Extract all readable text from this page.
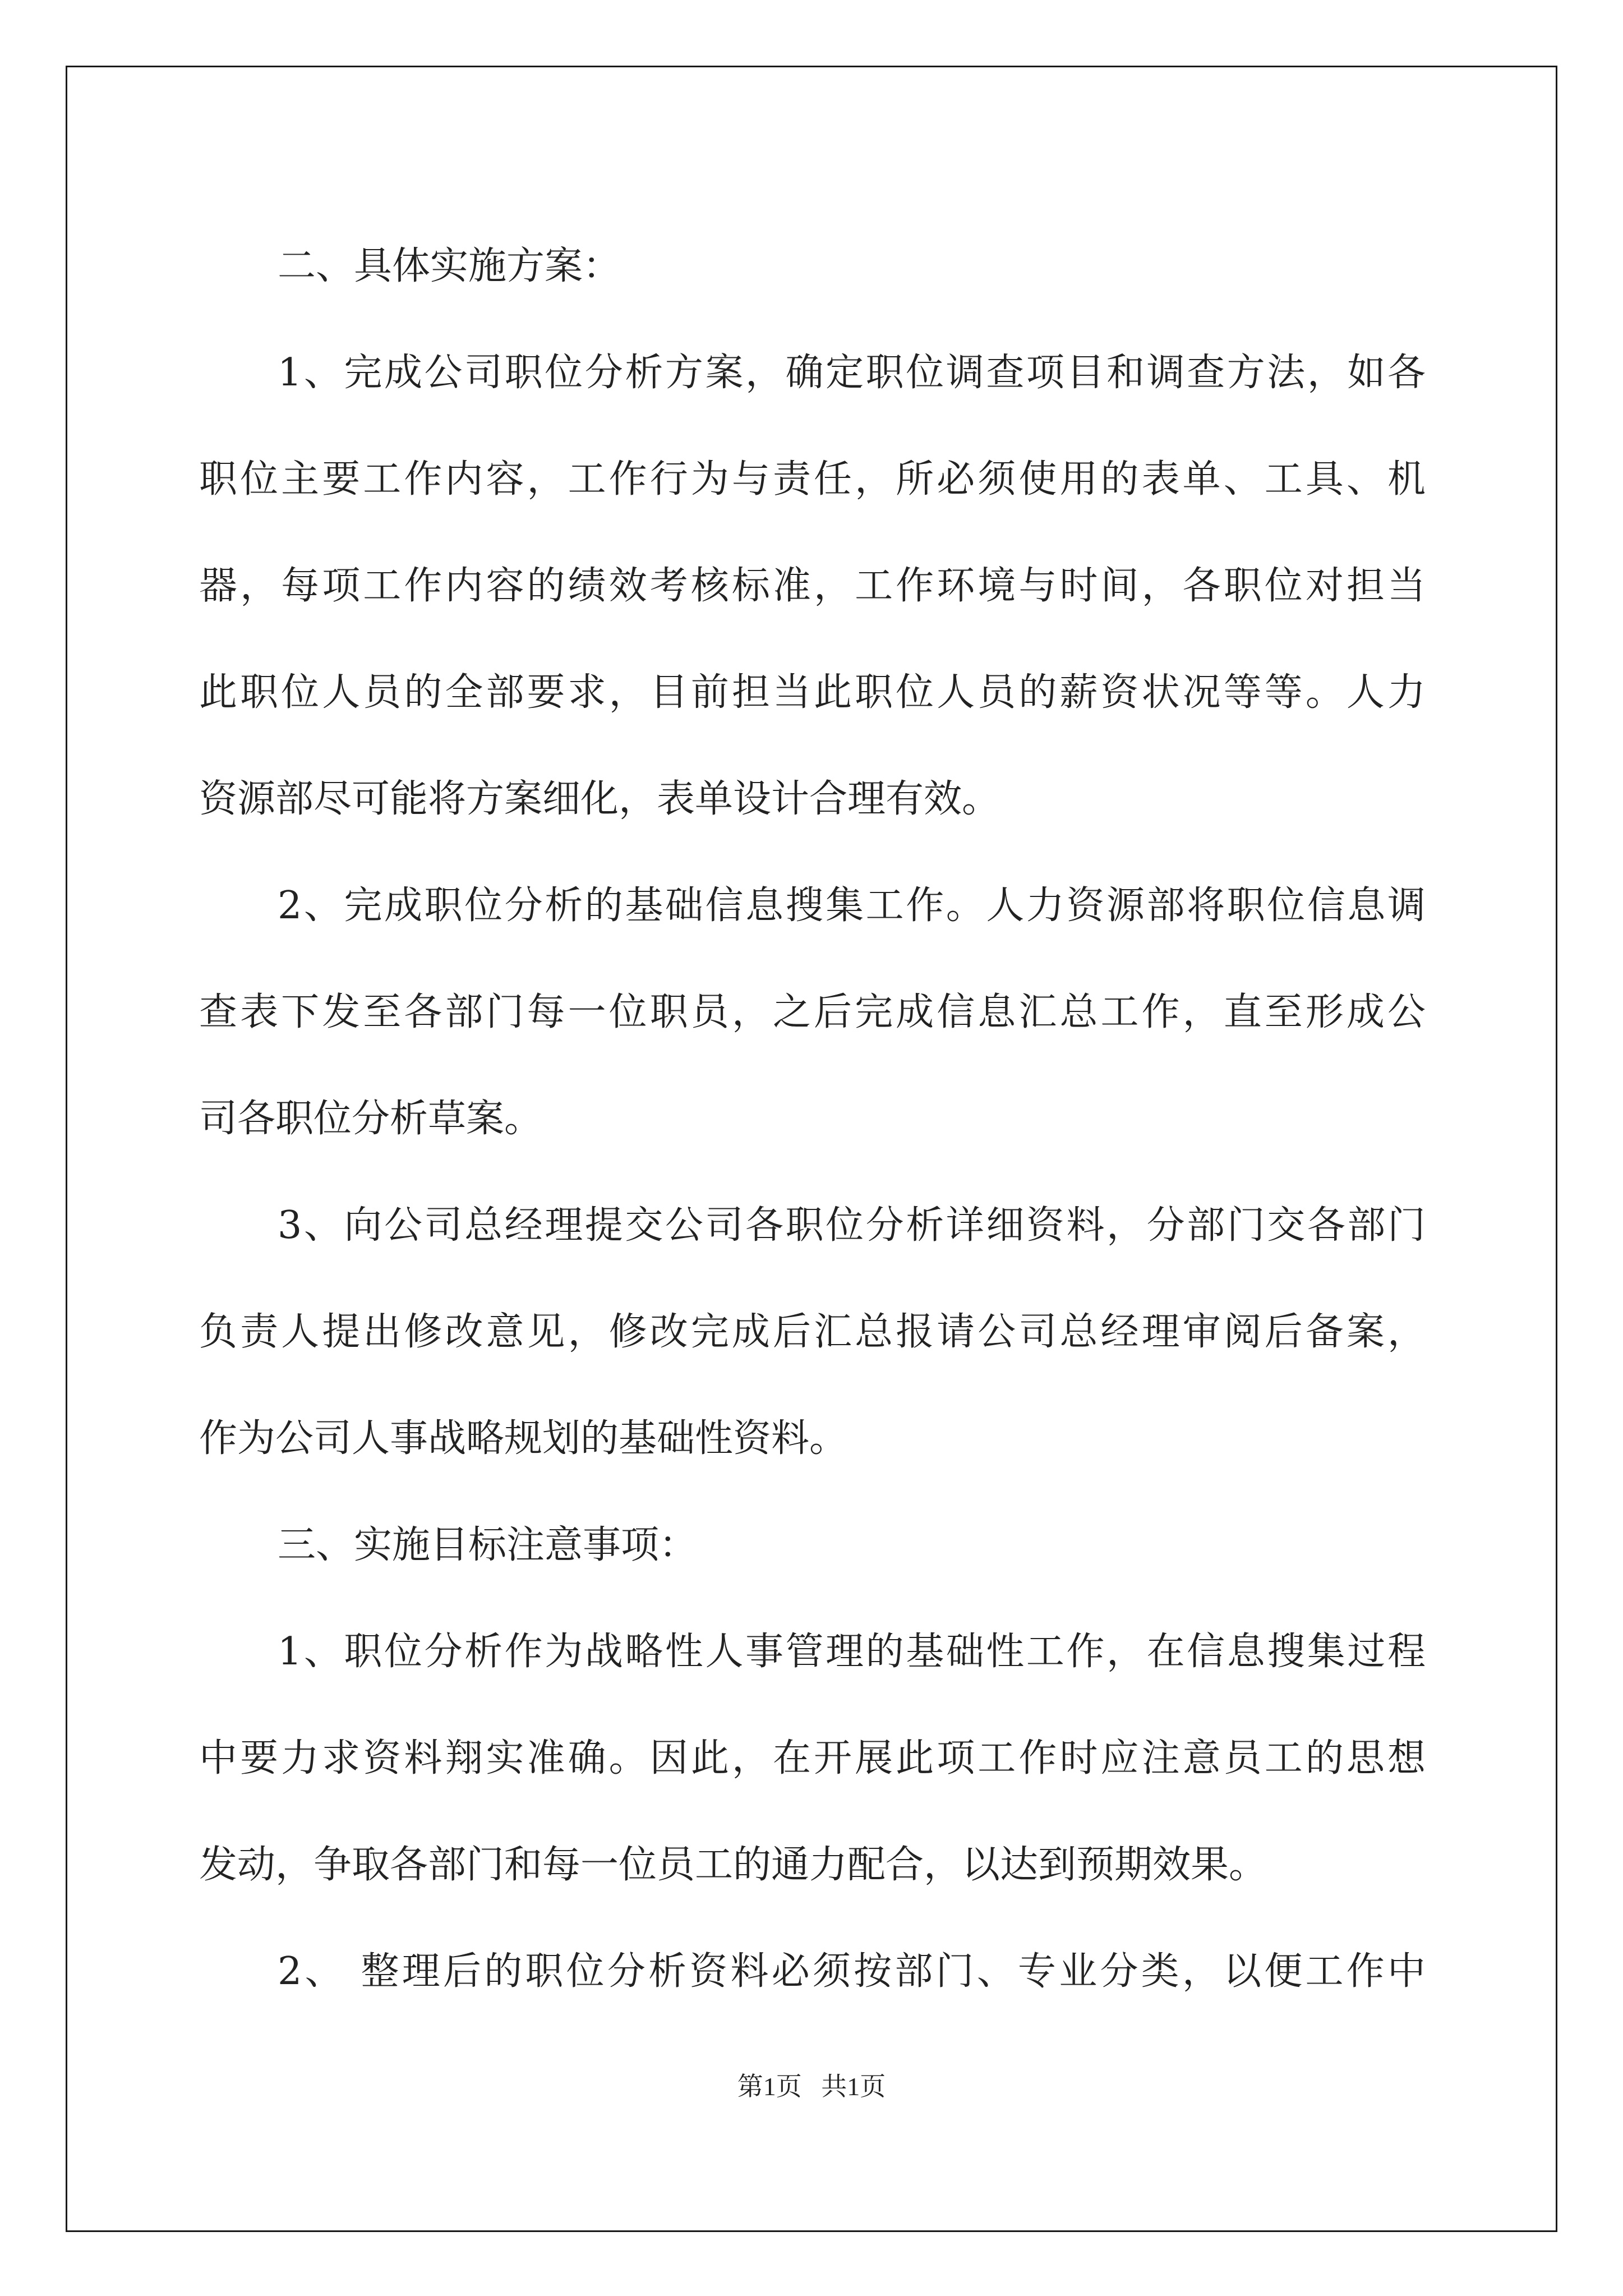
二、具体实施方案：

1、完成公司职位分析方案，确定职位调查项目和调查方法，如各

职位主要工作内容，工作行为与责任，所必须使用的表单、工具、机

器，每项工作内容的绩效考核标准，工作环境与时间，各职位对担当

此职位人员的全部要求，目前担当此职位人员的薪资状况等等。人力

资源部尽可能将方案细化，表单设计合理有效。

2、完成职位分析的基础信息搜集工作。人力资源部将职位信息调

查表下发至各部门每一位职员，之后完成信息汇总工作，直至形成公

司各职位分析草案。

3、向公司总经理提交公司各职位分析详细资料，分部门交各部门

负责人提出修改意见，修改完成后汇总报请公司总经理审阅后备案，

作为公司人事战略规划的基础性资料。

三、实施目标注意事项：

1、职位分析作为战略性人事管理的基础性工作，在信息搜集过程

中要力求资料翔实准确。因此，在开展此项工作时应注意员工的思想

发动，争取各部门和每一位员工的通力配合，以达到预期效果。

2、 整理后的职位分析资料必须按部门、专业分类，以便工作中

第1页   共1页
